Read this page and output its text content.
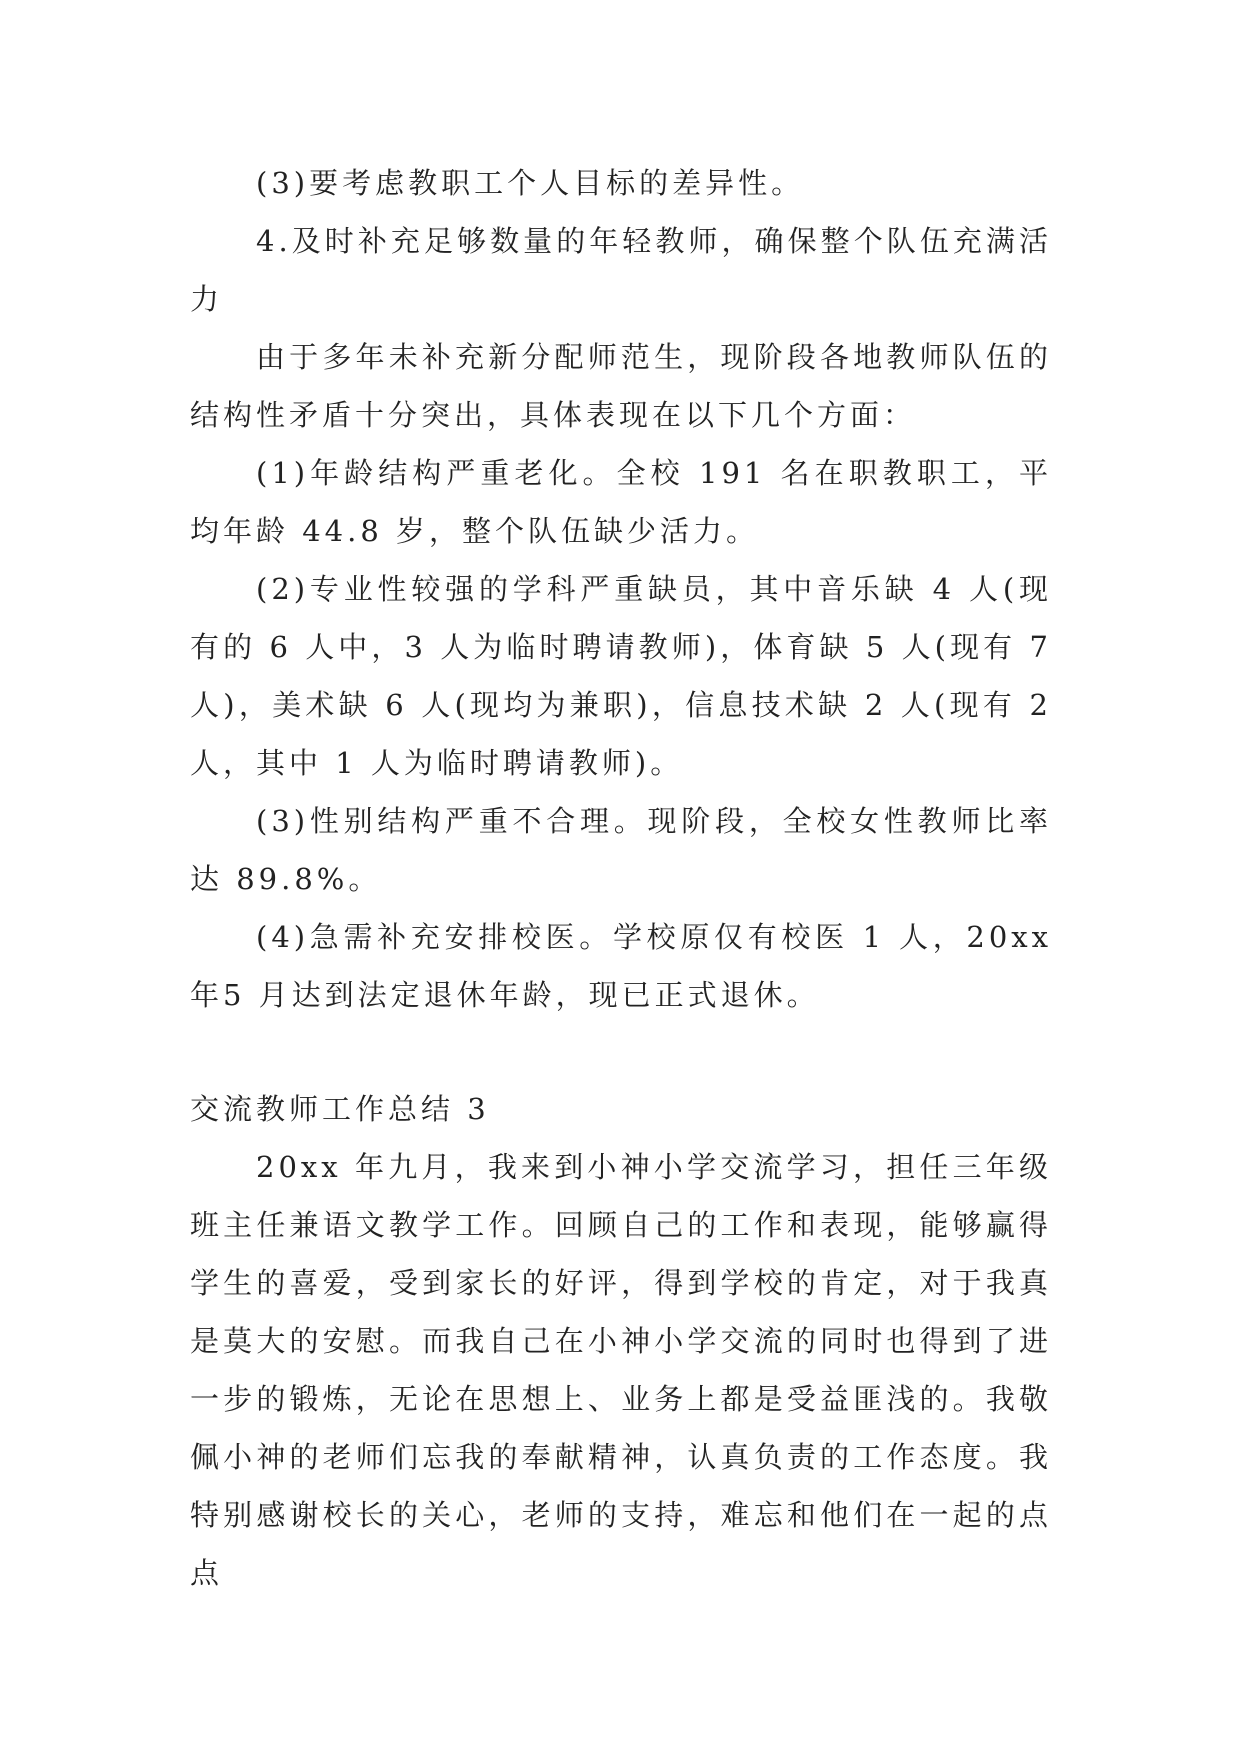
(3)要考虑教职工个人目标的差异性。

4.及时补充足够数量的年轻教师，确保整个队伍充满活力

由于多年未补充新分配师范生，现阶段各地教师队伍的结构性矛盾十分突出，具体表现在以下几个方面：

(1)年龄结构严重老化。全校 191 名在职教职工，平均年龄 44.8 岁，整个队伍缺少活力。

(2)专业性较强的学科严重缺员，其中音乐缺 4 人(现有的 6 人中，3 人为临时聘请教师)，体育缺 5 人(现有 7 人)，美术缺 6 人(现均为兼职)，信息技术缺 2 人(现有 2 人，其中 1 人为临时聘请教师)。

(3)性别结构严重不合理。现阶段，全校女性教师比率达 89.8%。

(4)急需补充安排校医。学校原仅有校医 1 人，20xx 年5 月达到法定退休年龄，现已正式退休。

交流教师工作总结 3

20xx 年九月，我来到小神小学交流学习，担任三年级班主任兼语文教学工作。回顾自己的工作和表现，能够赢得学生的喜爱，受到家长的好评，得到学校的肯定，对于我真是莫大的安慰。而我自己在小神小学交流的同时也得到了进一步的锻炼，无论在思想上、业务上都是受益匪浅的。我敬佩小神的老师们忘我的奉献精神，认真负责的工作态度。我特别感谢校长的关心，老师的支持，难忘和他们在一起的点点
